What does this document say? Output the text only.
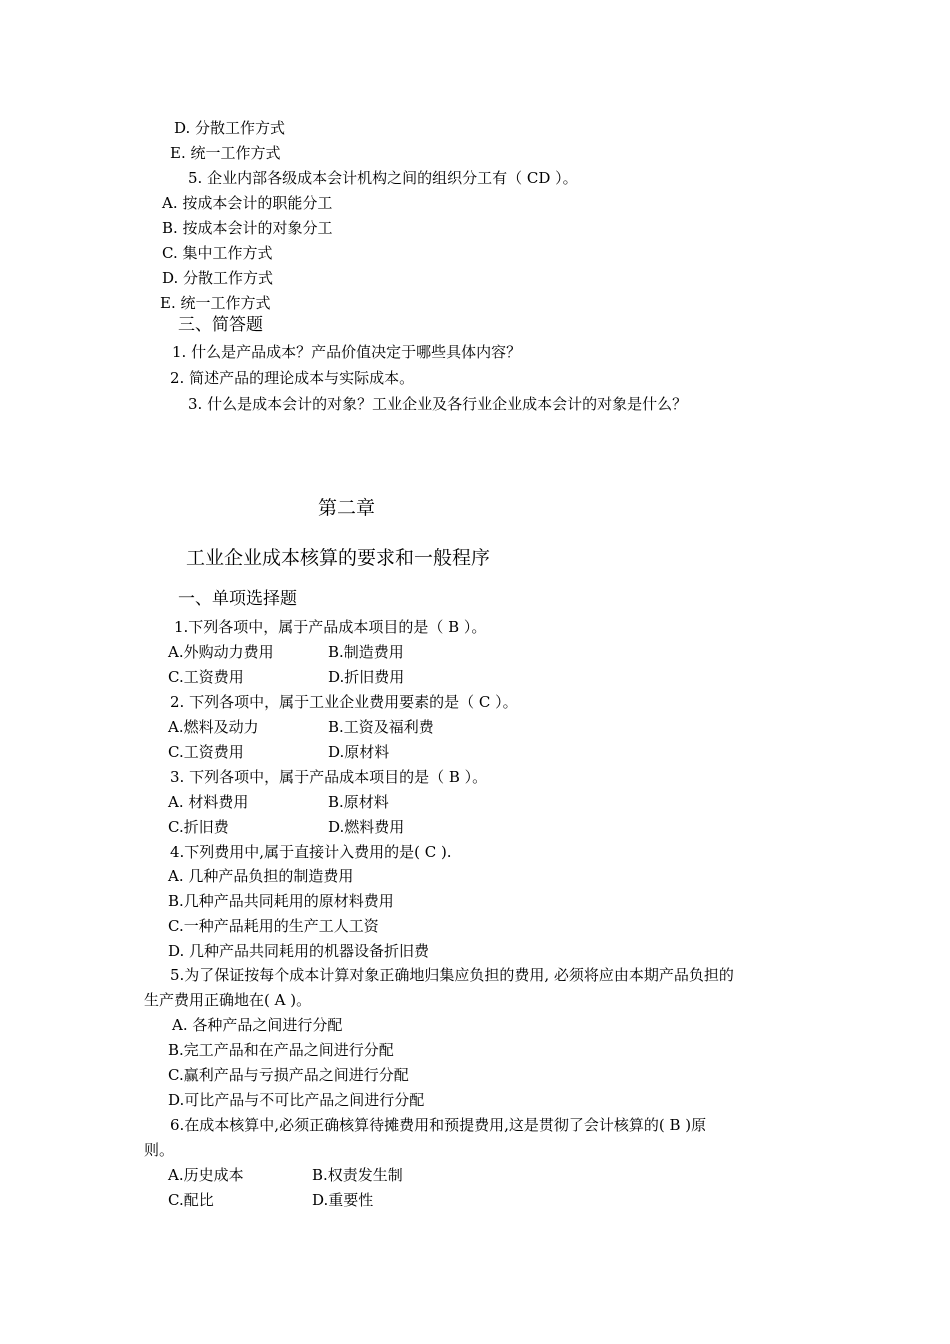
D. 分散工作方式
E. 统一工作方式
5. 企业内部各级成本会计机构之间的组织分工有（ CD ）。
A. 按成本会计的职能分工
B. 按成本会计的对象分工
C. 集中工作方式
D. 分散工作方式
E. 统一工作方式
三、简答题
1. 什么是产品成本？产品价值决定于哪些具体内容？
2. 简述产品的理论成本与实际成本。
3. 什么是成本会计的对象？工业企业及各行业企业成本会计的对象是什么？
第二章
工业企业成本核算的要求和一般程序
一、单项选择题
1.下列各项中，属于产品成本项目的是（ B ）。
A.外购动力费用	B.制造费用
C.工资费用	D.折旧费用
2. 下列各项中，属于工业企业费用要素的是（ C ）。
A.燃料及动力	B.工资及福利费
C.工资费用	D.原材料
3. 下列各项中，属于产品成本项目的是（ B ）。
A. 材料费用	B.原材料
C.折旧费	D.燃料费用
4.下列费用中,属于直接计入费用的是( C ).
A. 几种产品负担的制造费用
B.几种产品共同耗用的原材料费用
C.一种产品耗用的生产工人工资
D. 几种产品共同耗用的机器设备折旧费
5.为了保证按每个成本计算对象正确地归集应负担的费用, 必须将应由本期产品负担的
生产费用正确地在( A )。
A. 各种产品之间进行分配
B.完工产品和在产品之间进行分配
C.赢利产品与亏损产品之间进行分配
D.可比产品与不可比产品之间进行分配
6.在成本核算中,必须正确核算待摊费用和预提费用,这是贯彻了会计核算的( B )原
则。
A.历史成本	B.权责发生制
C.配比	D.重要性
